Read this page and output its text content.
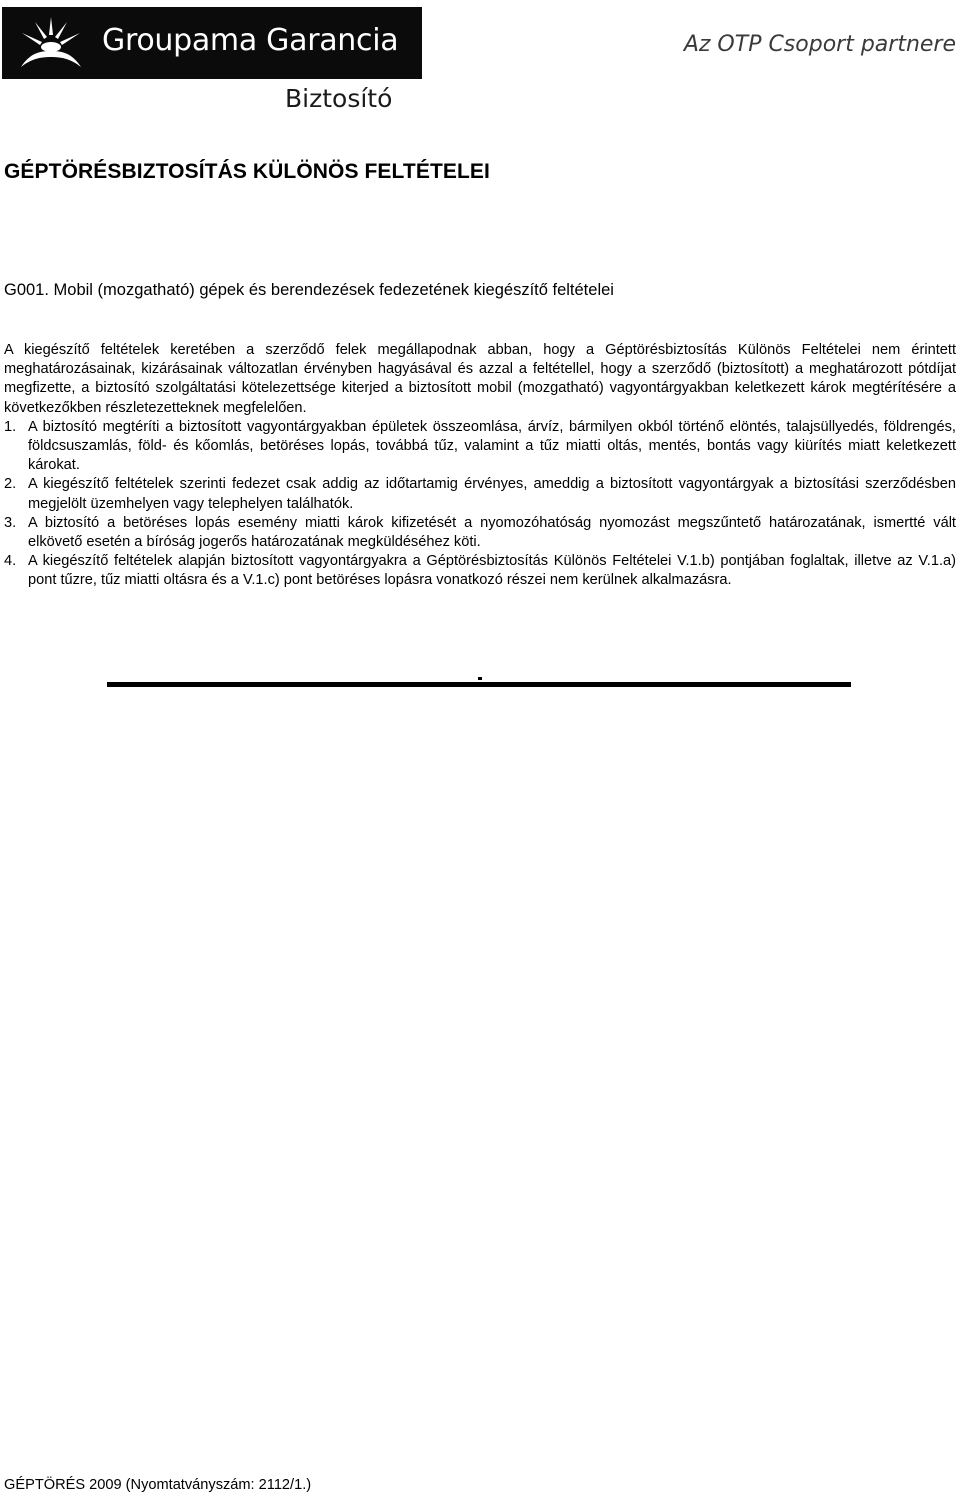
Groupama Garancia
Biztosító
Az OTP Csoport partnere
GÉPTÖRÉSBIZTOSÍTÁS KÜLÖNÖS FELTÉTELEI
G001. Mobil (mozgatható) gépek és berendezések fedezetének kiegészítő feltételei

A kiegészítő feltételek keretében a szerződő felek megállapodnak abban, hogy a Géptörésbiztosítás Különös Feltételei nem érintett meghatározásainak, kizárásainak változatlan érvényben hagyásával és azzal a feltétellel, hogy a szerződő (biztosított) a meghatározott pótdíjat megfizette, a biztosító szolgáltatási kötelezettsége kiterjed a biztosított mobil (mozgatható) vagyontárgyakban keletkezett károk megtérítésére a következőkben részletezetteknek megfelelően.

1. A biztosító megtéríti a biztosított vagyontárgyakban épületek összeomlása, árvíz, bármilyen okból történő elöntés, talajsüllyedés, földrengés, földcsuszamlás, föld- és kőomlás, betöréses lopás, továbbá tűz, valamint a tűz miatti oltás, mentés, bontás vagy kiürítés miatt keletkezett károkat.
2. A kiegészítő feltételek szerinti fedezet csak addig az időtartamig érvényes, ameddig a biztosított vagyontárgyak a biztosítási szerződésben megjelölt üzemhelyen vagy telephelyen találhatók.
3. A biztosító a betöréses lopás esemény miatti károk kifizetését a nyomozóhatóság nyomozást megszűntető határozatának, ismertté vált elkövető esetén a bíróság jogerős határozatának megküldéséhez köti.
4. A kiegészítő feltételek alapján biztosított vagyontárgyakra a Géptörésbiztosítás Különös Feltételei V.1.b) pontjában foglaltak, illetve az V.1.a) pont tűzre, tűz miatti oltásra és a V.1.c) pont betöréses lopásra vonatkozó részei nem kerülnek alkalmazásra.
GÉPTÖRÉS 2009 (Nyomtatványszám: 2112/1.)
